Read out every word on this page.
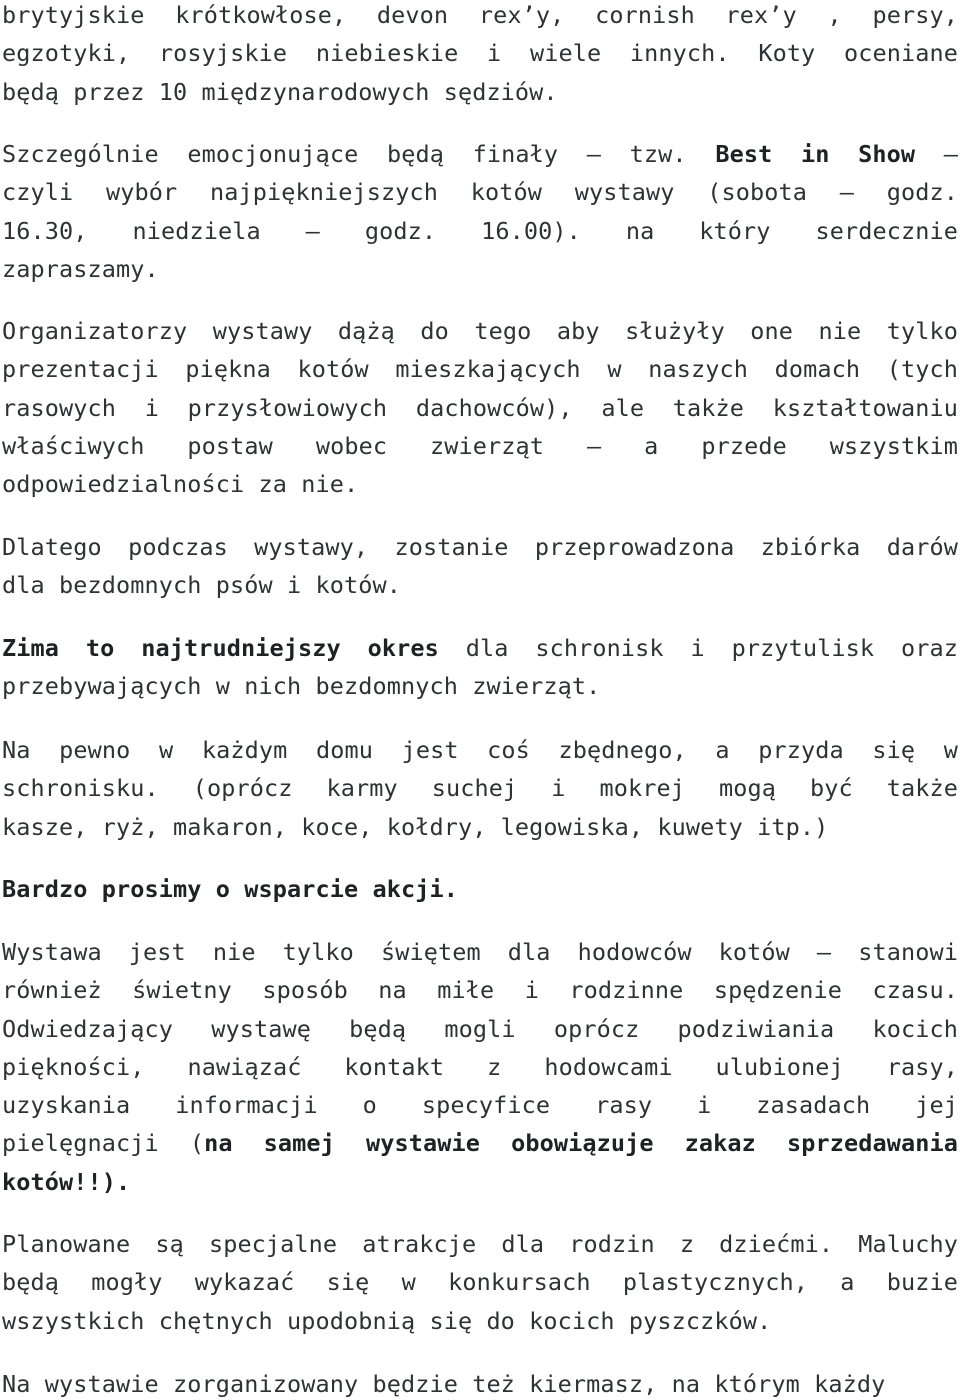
brytyjskie krótkowłose, devon rex’y, cornish rex’y , persy,
egzotyki, rosyjskie niebieskie i wiele innych. Koty oceniane
będą przez 10 międzynarodowych sędziów.
Szczególnie emocjonujące będą finały – tzw. Best in Show –
czyli wybór najpiękniejszych kotów wystawy (sobota – godz.
16.30, niedziela – godz. 16.00). na który serdecznie
zapraszamy.
Organizatorzy wystawy dążą do tego aby służyły one nie tylko
prezentacji piękna kotów mieszkających w naszych domach (tych
rasowych i przysłowiowych dachowców), ale także kształtowaniu
właściwych postaw wobec zwierząt – a przede wszystkim
odpowiedzialności za nie.
Dlatego podczas wystawy, zostanie przeprowadzona zbiórka darów
dla bezdomnych psów i kotów.
Zima to najtrudniejszy okres dla schronisk i przytulisk oraz
przebywających w nich bezdomnych zwierząt.
Na pewno w każdym domu jest coś zbędnego, a przyda się w
schronisku. (oprócz karmy suchej i mokrej mogą być także
kasze, ryż, makaron, koce, kołdry, legowiska, kuwety itp.)
Bardzo prosimy o wsparcie akcji.
Wystawa jest nie tylko świętem dla hodowców kotów – stanowi
również świetny sposób na miłe i rodzinne spędzenie czasu.
Odwiedzający wystawę będą mogli oprócz podziwiania kocich
piękności, nawiązać kontakt z hodowcami ulubionej rasy,
uzyskania informacji o specyfice rasy i zasadach jej
pielęgnacji (na samej wystawie obowiązuje zakaz sprzedawania
kotów!!).
Planowane są specjalne atrakcje dla rodzin z dziećmi. Maluchy
będą mogły wykazać się w konkursach plastycznych, a buzie
wszystkich chętnych upodobnią się do kocich pyszczków.
Na wystawie zorganizowany będzie też kiermasz, na którym każdy
